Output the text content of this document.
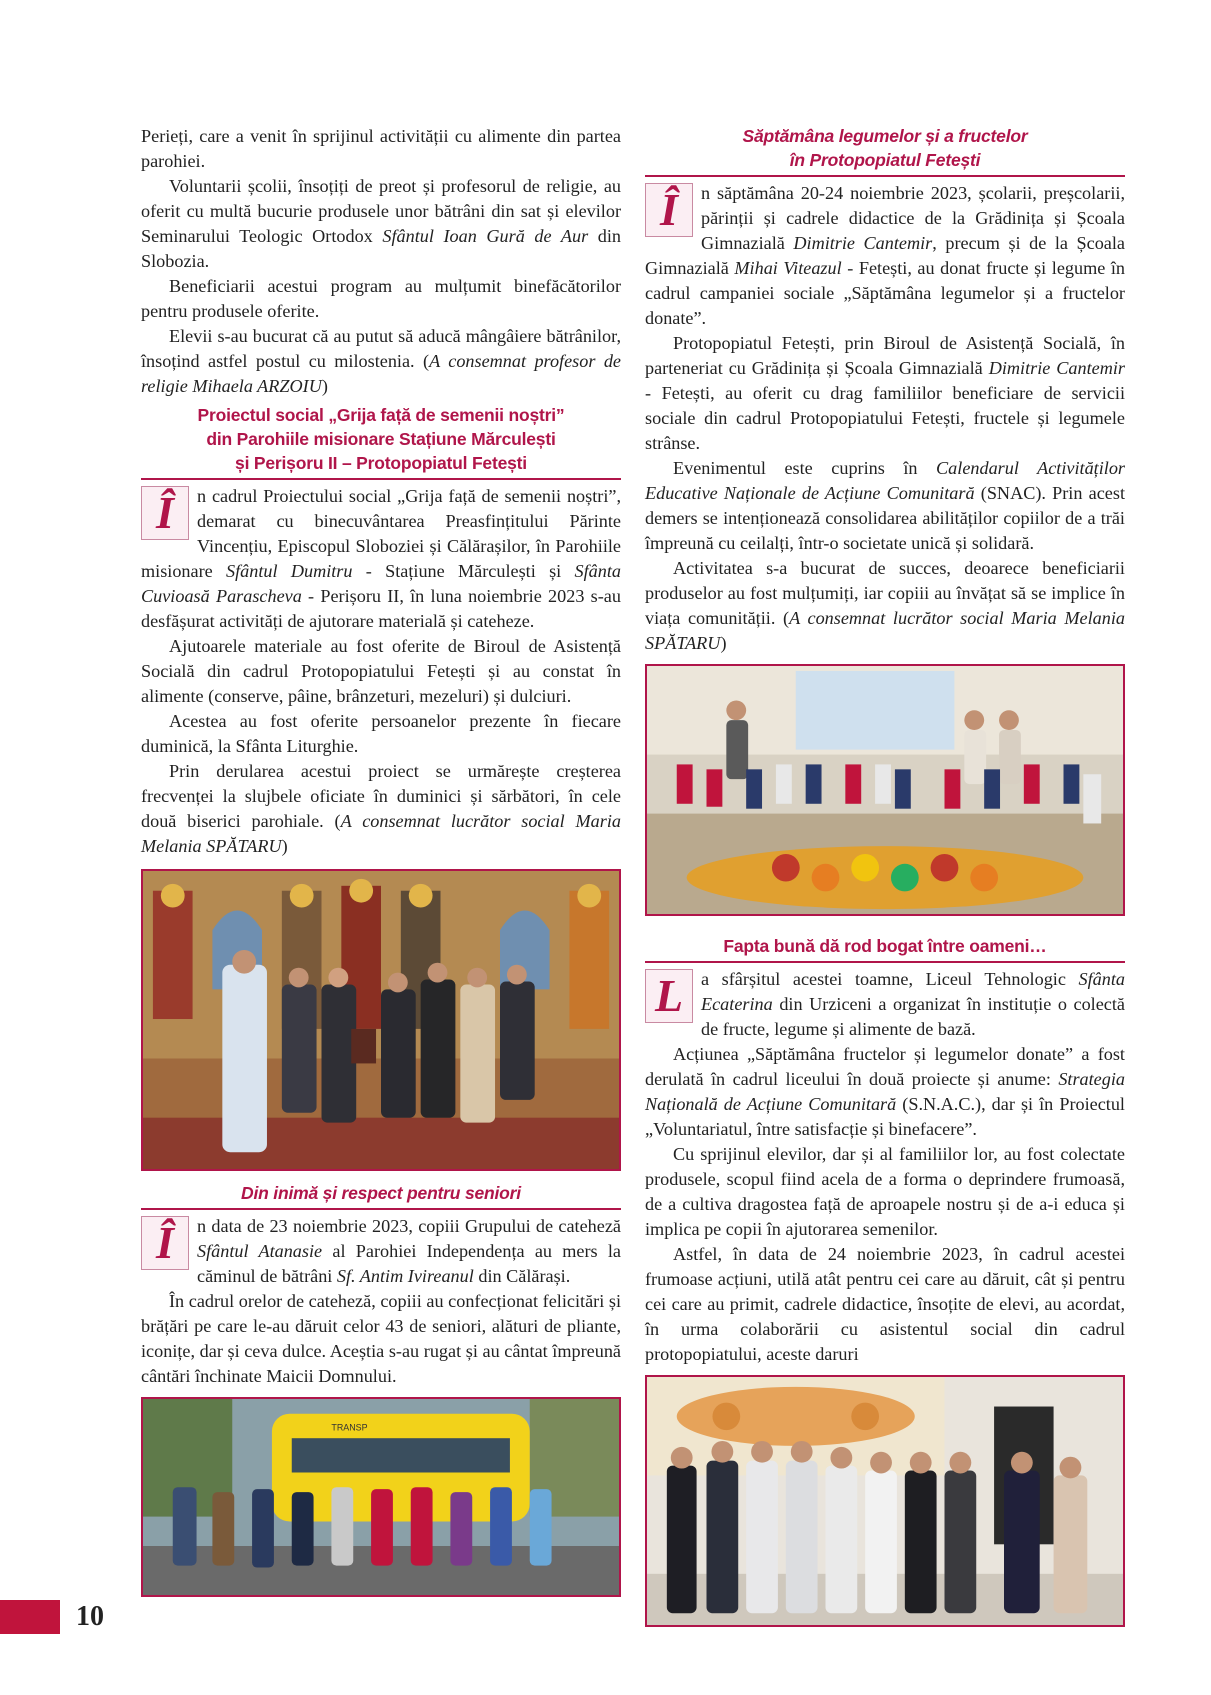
Perieți, care a venit în sprijinul activității cu alimente din partea parohiei.

Voluntarii școlii, însoțiți de preot și profesorul de religie, au oferit cu multă bucurie produsele unor bătrâni din sat și elevilor Seminarului Teologic Ortodox Sfântul Ioan Gură de Aur din Slobozia.

Beneficiarii acestui program au mulțumit binefăcătorilor pentru produsele oferite.

Elevii s-au bucurat că au putut să aducă mângâiere bătrânilor, însoțind astfel postul cu milostenia. (A consemnat profesor de religie Mihaela ARZOIU)

Proiectul social „Grija față de semenii noștri”
din Parohiile misionare Stațiune Mărculești
și Perișoru II – Protopopiatul Fetești
Î	n cadrul Proiectului social „Grija față de semenii noștri”, demarat cu binecuvântarea Preasfințitului Părinte Vincențiu, Episcopul Sloboziei și Călărașilor, în Parohiile misionare Sfântul Dumitru - Stațiune Mărculești și Sfânta Cuvioasă Parascheva - Perișoru II, în luna noiembrie 2023 s-au desfășurat activități de ajutorare materială și cateheze.

Ajutoarele materiale au fost oferite de Biroul de Asistență Socială din cadrul Protopopiatului Fetești și au constat în alimente (conserve, pâine, brânzeturi, mezeluri) și dulciuri.

Acestea au fost oferite persoanelor prezente în fiecare duminică, la Sfânta Liturghie.

Prin derularea acestui proiect se urmărește creșterea frecvenței la slujbele oficiate în duminici și sărbători, în cele două biserici parohiale. (A consemnat lucrător social Maria Melania SPĂTARU)

Din inimă și respect pentru seniori
Î	n data de 23 noiembrie 2023, copiii Grupului de cateheză Sfântul Atanasie al Parohiei Independența au mers la căminul de bătrâni Sf. Antim Ivireanul din Călărași.

În cadrul orelor de cateheză, copiii au confecționat felicitări și brățări pe care le-au dăruit celor 43 de seniori, alături de pliante, iconițe, dar și ceva dulce. Aceștia s-au rugat și au cântat împreună cântări închinate Maicii Domnului.

TRANSP
Săptămâna legumelor și a fructelor
în Protopopiatul Fetești
Î	n săptămâna 20-24 noiembrie 2023, școlarii, preșcolarii, părinții și cadrele didactice de la Grădinița și Școala Gimnazială Dimitrie Cantemir, precum și de la Școala Gimnazială Mihai Viteazul - Fetești, au donat fructe și legume în cadrul campaniei sociale „Săptămâna legumelor și a fructelor donate”.

Protopopiatul Fetești, prin Biroul de Asistență Socială, în parteneriat cu Grădinița și Școala Gimnazială Dimitrie Cantemir - Fetești, au oferit cu drag familiilor beneficiare de servicii sociale din cadrul Protopopiatului Fetești, fructele și legumele strânse.

Evenimentul este cuprins în Calendarul Activităților Educative Naționale de Acțiune Comunitară (SNAC). Prin acest demers se intenționează consolidarea abilităților copiilor de a trăi împreună cu ceilalți, într-o societate unică și solidară.

Activitatea s-a bucurat de succes, deoarece beneficiarii produselor au fost mulțumiți, iar copiii au învățat să se implice în viața comunității. (A consemnat lucrător social Maria Melania SPĂTARU)

Fapta bună dă rod bogat între oameni…
L a sfârșitul acestei toamne, Liceul Tehnologic Sfânta Ecaterina din Urziceni a organizat în instituție o colectă de fructe, legume și alimente de bază.

Acțiunea „Săptămâna fructelor și legumelor donate” a fost derulată în cadrul liceului în două proiecte și anume: Strategia Națională de Acțiune Comunitară (S.N.A.C.), dar și în Proiectul „Voluntariatul, între satisfacție și binefacere”.

Cu sprijinul elevilor, dar și al familiilor lor, au fost colectate produsele, scopul fiind acela de a forma o deprindere frumoasă, de a cultiva dragostea față de aproapele nostru și de a-i educa și implica pe copii în ajutorarea semenilor.

Astfel, în data de 24 noiembrie 2023, în cadrul acestei frumoase acțiuni, utilă atât pentru cei care au dăruit, cât și pentru cei care au primit, cadrele didactice, însoțite de elevi, au acordat, în urma colaborării cu asistentul social din cadrul protopopiatului, aceste daruri

10
